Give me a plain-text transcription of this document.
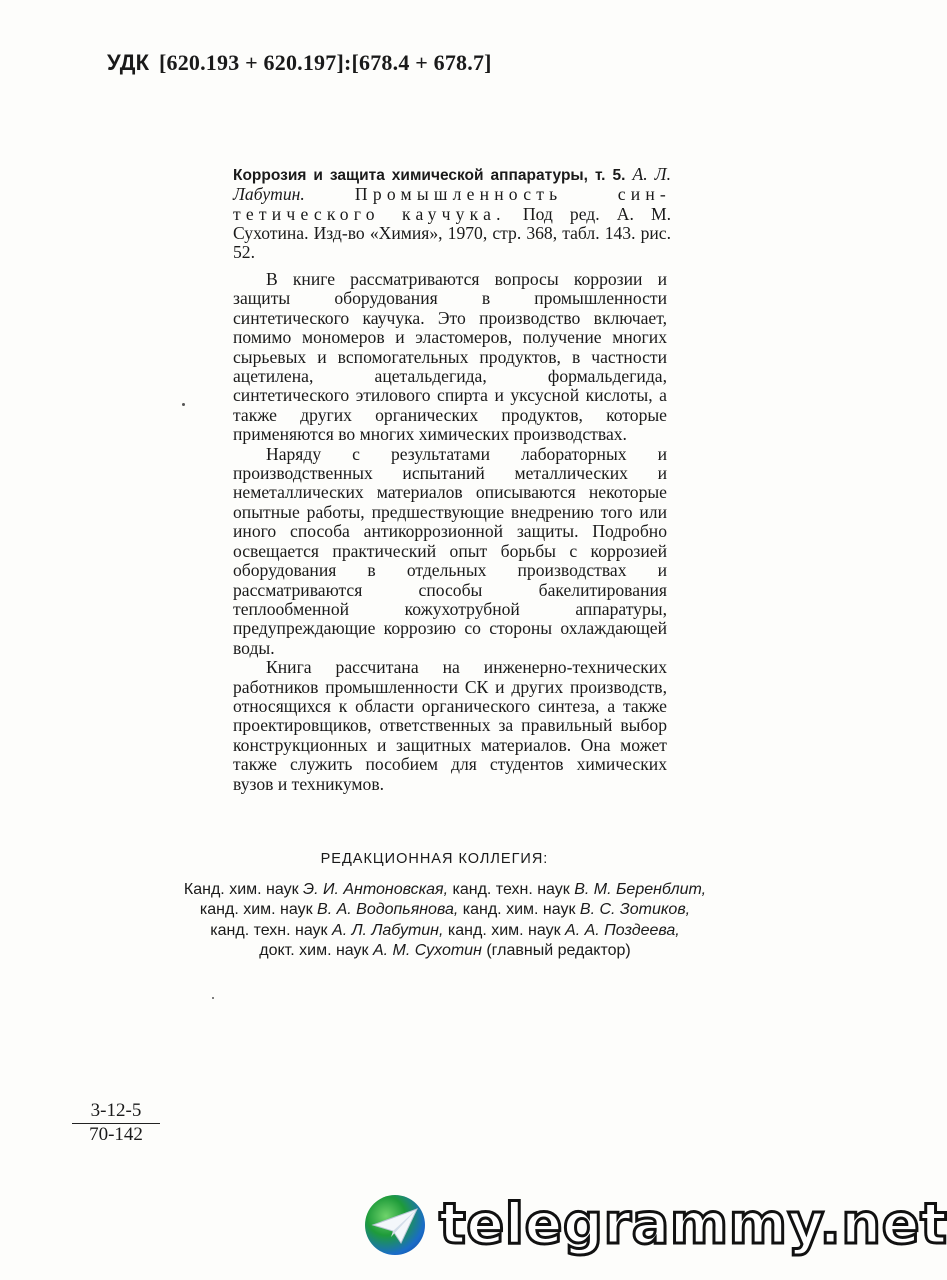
УДК [620.193 + 620.197]:[678.4 + 678.7]
Коррозия и защита химической аппаратуры, т. 5. А. Л. Лабутин.	Промышленность син-тетического каучука. Под ред. А. М. Сухотина. Изд-во «Химия», 1970, стр. 368, табл. 143. рис. 52.

В книге рассматриваются вопросы коррозии и защиты оборудования в промышленности синтетического каучука. Это производство включает, помимо мономеров и эластомеров, получение многих сырьевых и вспомогательных продуктов, в частности ацетилена, ацетальдегида, формальдегида, синтетического этилового спирта и уксусной кислоты, а также других органических продуктов, которые применяются во многих химических производствах.

Наряду с результатами лабораторных и производственных испытаний металлических и неметаллических материалов описываются некоторые опытные работы, предшествующие внедрению того или иного способа антикоррозионной защиты. Подробно освещается практический опыт борьбы с коррозией оборудования в отдельных производствах и рассматриваются способы бакелитирования теплообменной кожухотрубной аппаратуры, предупреждающие коррозию со стороны охлаждающей воды.

Книга рассчитана на инженерно-технических работников промышленности СК и других производств, относящихся к области органического синтеза, а также проектировщиков, ответственных за правильный выбор конструкционных и защитных материалов. Она может также служить пособием для студентов химических вузов и техникумов.

РЕДАКЦИОННАЯ КОЛЛЕГИЯ:
Канд. хим. наук Э. И. Антоновская, канд. техн. наук В. М. Беренблит,
канд. хим. наук В. А. Водопьянова, канд. хим. наук В. С. Зотиков,
канд. техн. наук А. Л. Лабутин, канд. хим. наук А. А. Поздеева,
докт. хим. наук А. М. Сухотин (главный редактор)
$\frac{3-12-5}{70-142}$
telegrammy.net
